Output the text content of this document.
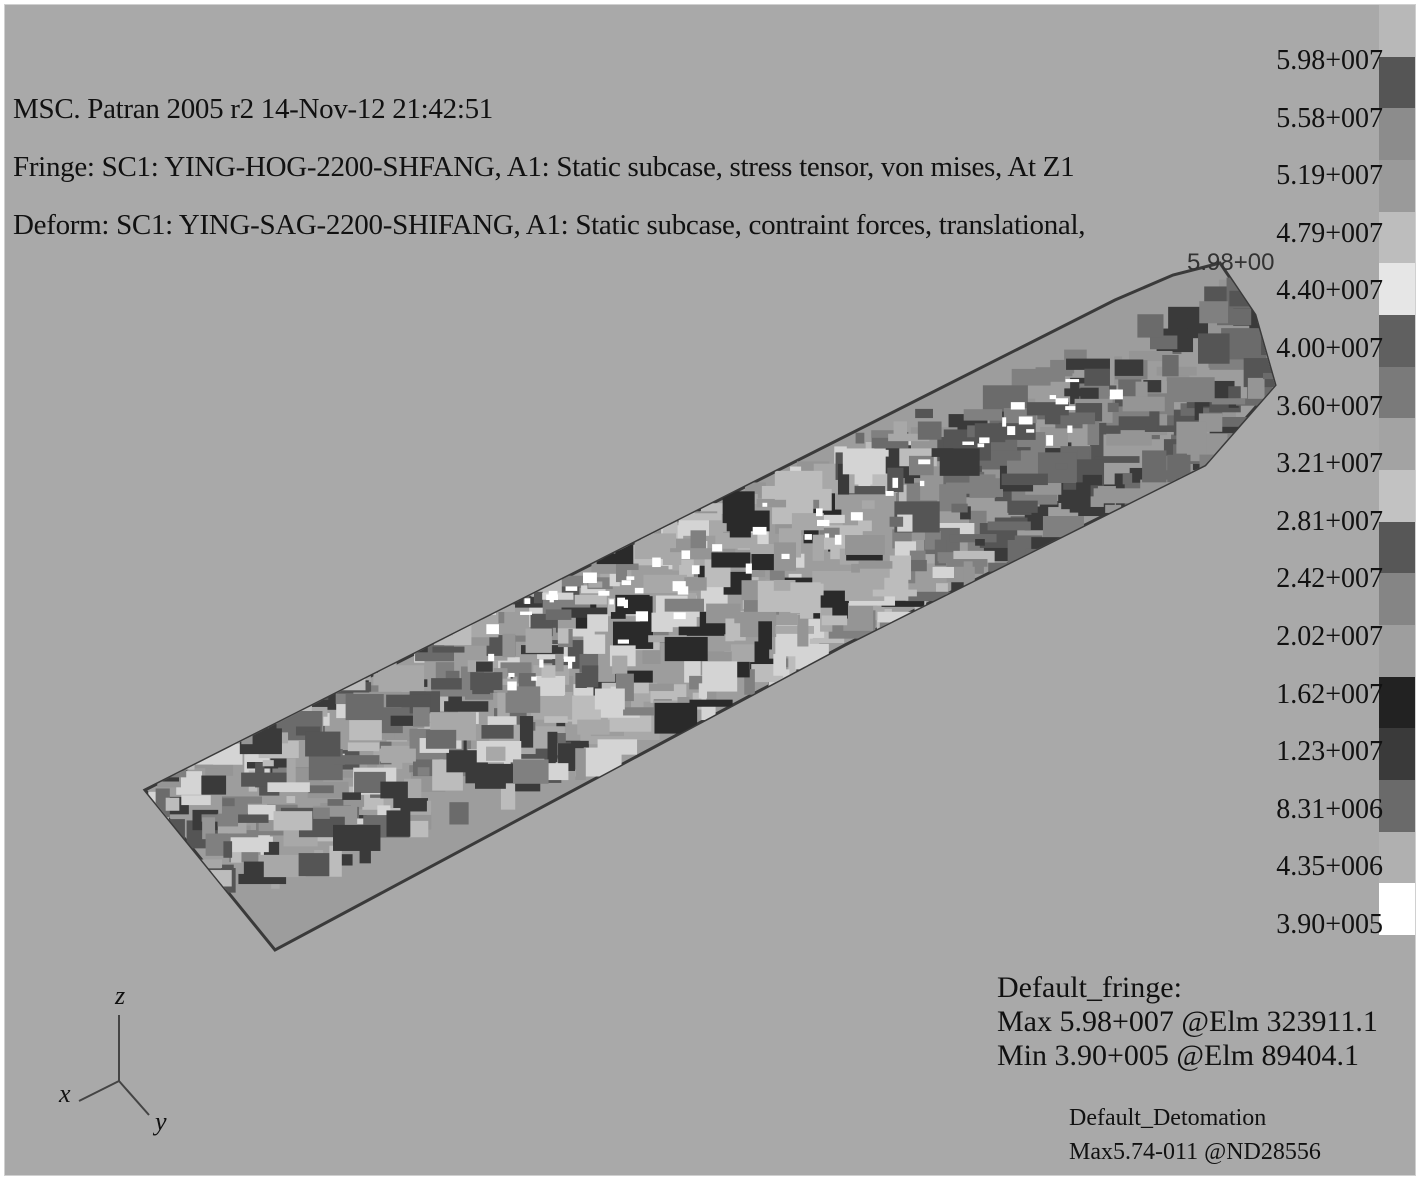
MSC. Patran 2005 r2 14-Nov-12 21:42:51
Fringe: SC1: YING-HOG-2200-SHFANG, A1: Static subcase, stress tensor, von mises, At Z1
Deform: SC1: YING-SAG-2200-SHIFANG, A1: Static subcase, contraint forces, translational,
5.98+00
5.98+007
5.58+007
5.19+007
4.79+007
4.40+007
4.00+007
3.60+007
3.21+007
2.81+007
2.42+007
2.02+007
1.62+007
1.23+007
8.31+006
4.35+006
3.90+005
Default_fringe:
Max 5.98+007 @Elm 323911.1
Min 3.90+005 @Elm 89404.1
Default_Detomation
Max5.74-011 @ND28556
z
x
y
